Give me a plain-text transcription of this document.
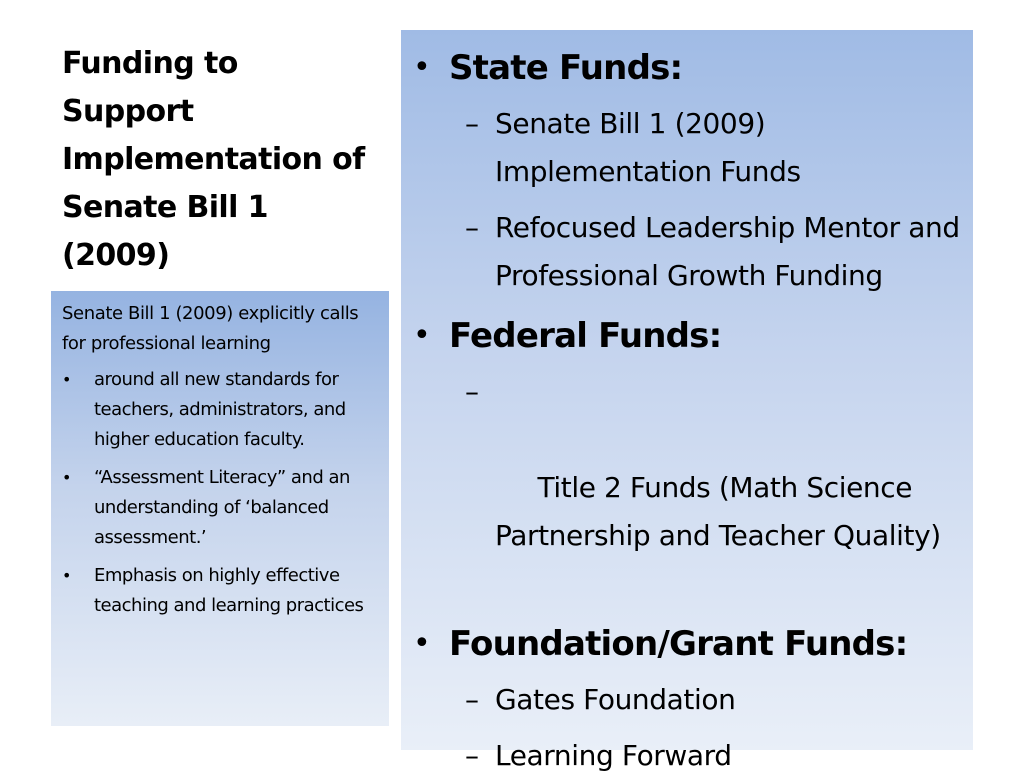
Funding to
Support
Implementation of
Senate Bill 1
(2009)

Senate Bill 1 (2009) explicitly calls for professional learning

•	around all new standards for teachers, administrators, and higher education faculty.
•	“Assessment Literacy” and an understanding of ‘balanced assessment.’
•	Emphasis on highly effective teaching and learning practices

• State Funds:

– Senate Bill 1 (2009) Implementation Funds

– Refocused Leadership Mentor and Professional Growth Funding

• Federal Funds:

–

Title 2 Funds (Math Science Partnership and Teacher Quality)

• Foundation/Grant Funds:

– Gates Foundation

– Learning Forward
